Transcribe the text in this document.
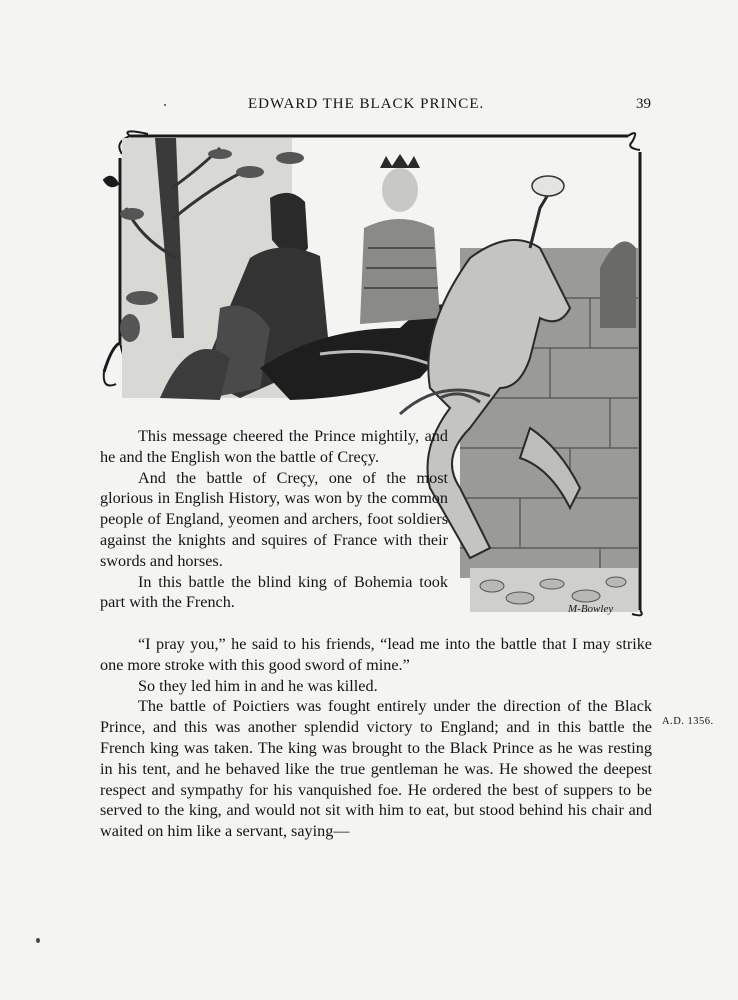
EDWARD THE BLACK PRINCE.	39
M-Bowley

This message cheered the Prince mightily, and he and the English won the battle of Creçy.

And the battle of Creçy, one of the most glorious in English History, was won by the common people of England, yeomen and archers, foot soldiers against the knights and squires of France with their swords and horses.

In this battle the blind king of Bohemia took part with the French.

“I pray you,” he said to his friends, “lead me into the battle that I may strike one more stroke with this good sword of mine.”

So they led him in and he was killed.

The battle of Poictiers was fought entirely under the direction of the Black Prince, and this was another splendid victory to England; and in this battle the French king was taken. The king was brought to the Black Prince as he was resting in his tent, and he behaved like the true gentleman he was. He showed the deepest respect and sympathy for his vanquished foe. He ordered the best of suppers to be served to the king, and would not sit with him to eat, but stood behind his chair and waited on him like a servant, saying—

A.D. 1356.
